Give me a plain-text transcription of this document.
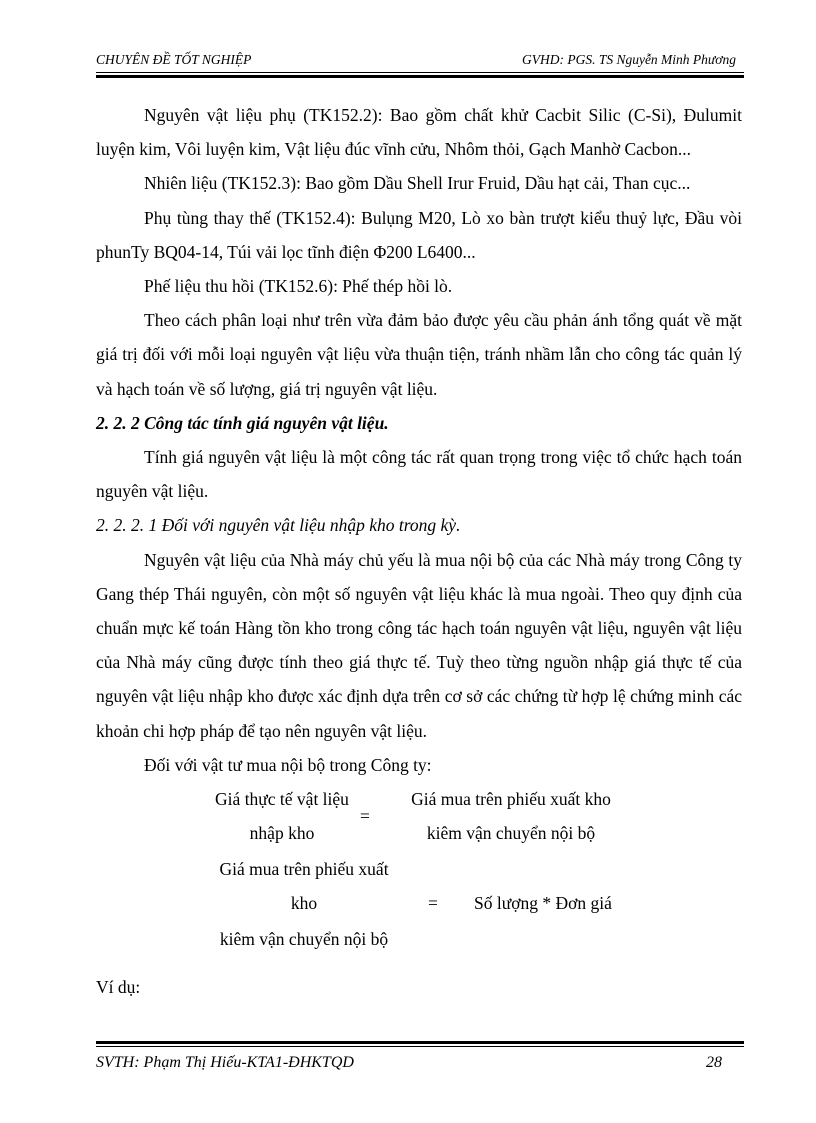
CHUYÊN ĐỀ TỐT NGHIỆP	GVHD: PGS. TS Nguyễn Minh Phương

Nguyên vật liệu phụ (TK152.2): Bao gồm chất khử Cacbit Silic (C-Si), Đulumit luyện kim, Vôi luyện kim, Vật liệu đúc vĩnh cửu, Nhôm thỏi, Gạch Manhờ Cacbon...

Nhiên liệu (TK152.3): Bao gồm Dầu Shell Irur Fruid, Dầu hạt cải, Than cục...

Phụ tùng thay thế (TK152.4): Bulụng M20, Lò xo bàn trượt kiểu thuỷ lực, Đầu vòi phunTy BQ04-14, Túi vải lọc tĩnh điện Φ200 L6400...

Phế liệu thu hồi (TK152.6): Phế thép hồi lò.

Theo cách phân loại như trên vừa đảm bảo được yêu cầu phản ánh tổng quát về mặt giá trị đối với mỗi loại nguyên vật liệu vừa thuận tiện, tránh nhầm lẫn cho công tác quản lý và hạch toán về số lượng, giá trị nguyên vật liệu.

2. 2. 2 Công tác tính giá nguyên vật liệu.

Tính giá nguyên vật liệu là một công tác rất quan trọng trong việc tổ chức hạch toán nguyên vật liệu.

2. 2. 2. 1 Đối với nguyên vật liệu nhập kho trong kỳ.

Nguyên vật liệu của Nhà máy chủ yếu là mua nội bộ của các Nhà máy trong Công ty Gang thép Thái nguyên, còn một số nguyên vật liệu khác là mua ngoài. Theo quy định của chuẩn mực kế toán Hàng tồn kho trong công tác hạch toán nguyên vật liệu, nguyên vật liệu của Nhà máy cũng được tính theo giá thực tế. Tuỳ theo từng nguồn nhập giá thực tế của nguyên vật liệu nhập kho được xác định dựa trên cơ sở các chứng từ hợp lệ chứng minh các khoản chi hợp pháp để tạo nên nguyên vật liệu.

Đối với vật tư mua nội bộ trong Công ty:

Giá thực tế vật liệu
nhập kho
=
Giá mua trên phiếu xuất kho
kiêm vận chuyển nội bộ
Giá mua trên phiếu xuất
kho
kiêm vận chuyển nội bộ
= Số lượng * Đơn giá
Ví dụ:
SVTH: Phạm Thị Hiếu-KTA1-ĐHKTQD	28
